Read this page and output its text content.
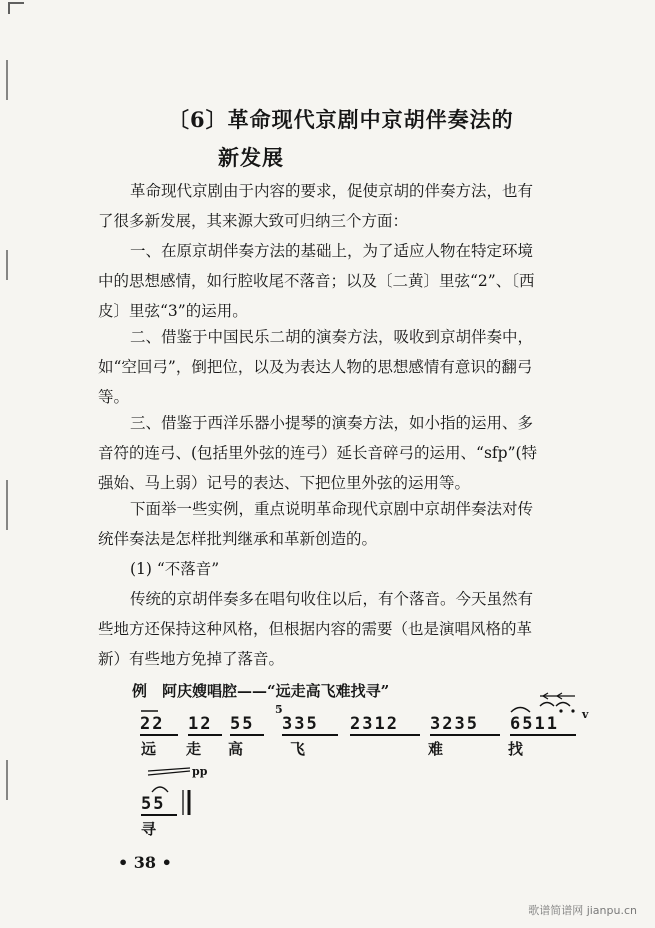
〔6〕革命现代京剧中京胡伴奏法的
新发展

革命现代京剧由于内容的要求，促使京胡的伴奏方法，也有

了很多新发展，其来源大致可归纳三个方面：

一、在原京胡伴奏方法的基础上，为了适应人物在特定环境

中的思想感情，如行腔收尾不落音；以及〔二黄〕里弦“2”、〔西
皮〕里弦“3”的运用。

二、借鉴于中国民乐二胡的演奏方法，吸收到京胡伴奏中，

如“空回弓”，倒把位，以及为表达人物的思想感情有意识的翻弓
等。

三、借鉴于西洋乐器小提琴的演奏方法，如小指的运用、多

音符的连弓、(包括里外弦的连弓）延长音碎弓的运用、“sfp”(特
强始、马上弱）记号的表达、下把位里外弦的运用等。

下面举一些实例，重点说明革命现代京剧中京胡伴奏法对传

统伴奏法是怎样批判继承和革新创造的。

(1) “不落音”

传统的京胡伴奏多在唱句收住以后，有个落音。今天虽然有

些地方还保持这种风格，但根据内容的需要（也是演唱风格的革
新）有些地方免掉了落音。
例　阿庆嫂唱腔——“远走高飞难找寻”
22 12 55
5
335 2312 3235 6511 v
远 走 高	飞	难	找
pp
55
寻
• 38 •
歌谱简谱网 jianpu.cn
